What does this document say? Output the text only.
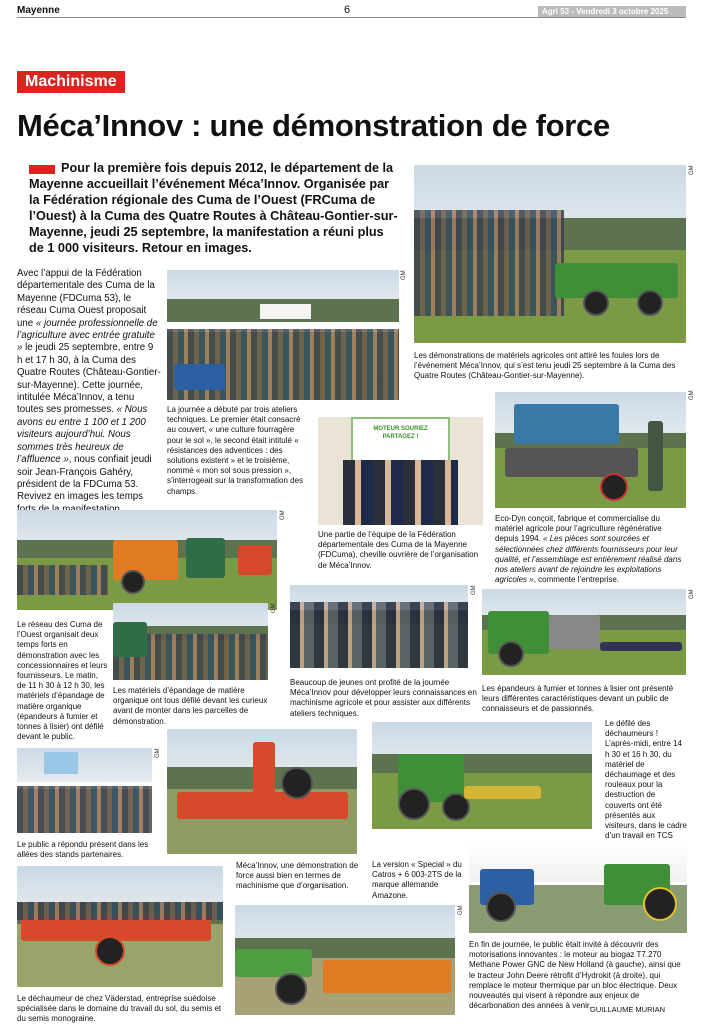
Mayenne	6	Agri 53 - Vendredi 3 octobre 2025
Machinisme
Méca’Innov : une démonstration de force
Pour la première fois depuis 2012, le département de la Mayenne accueillait l’événement Méca’Innov. Organisée par la Fédération régionale des Cuma de l’Ouest (FRCuma de l’Ouest) à la Cuma des Quatre Routes à Château-Gontier-sur-Mayenne, jeudi 25 septembre, la manifestation a réuni plus de 1 000 visiteurs. Retour en images.
Avec l’appui de la Fédération départementale des Cuma de la Mayenne (FDCuma 53), le réseau Cuma Ouest proposait une « journée professionnelle de l’agriculture avec entrée gratuite » le jeudi 25 septembre, entre 9 h et 17 h 30, à la Cuma des Quatre Routes (Château-Gontier-sur-Mayenne). Cette journée, intitulée Méca’Innov, a tenu toutes ses promesses. « Nous avons eu entre 1 100 et 1 200 visiteurs aujourd’hui. Nous sommes très heureux de l’affluence », nous confiait jeudi soir Jean-François Gahéry, président de la FDCuma 53. Revivez en images les temps
GM
Les démonstrations de matériels agricoles ont attiré les foules lors de l’événement Méca’Innov, qui s’est tenu jeudi 25 septembre à la Cuma des Quatre Routes (Château-Gontier-sur-Mayenne).
GM
La journée a débuté par trois ateliers techniques. Le premier était consacré au couvert, « une culture fourragère pour le sol », le second était intitulé « résistances des adventices : des solutions existent » et le troisième, nommé « mon sol sous pression », s’interrogeait sur la transformation des champs.
MOTEUR SOURIEZ
PARTAGEZ !
Une partie de l’équipe de la Fédération départementale des Cuma de la Mayenne (FDCuma), cheville ouvrière de l’organisation de Méca’Innov.
GM
Eco-Dyn conçoit, fabrique et commercialise du matériel agricole pour l’agriculture régénérative depuis 1994. « Les pièces sont sourcées et sélectionnées chez différents fournisseurs pour leur qualité, et l’assemblage est entièrement réalisé dans nos ateliers avant de rejoindre les exploitations agricoles », commente l’entreprise.
GM
Le réseau des Cuma de l’Ouest organisait deux temps forts en démonstration avec les concessionnaires et leurs fournisseurs. Le matin, de 11 h 30 à 12 h 30, les matériels d’épandage de matière organique (épandeurs à fumier et tonnes à lisier) ont défilé devant le public.
GM
Les matériels d’épandage de matière organique ont tous défilé devant les curieux avant de monter dans les parcelles de démonstration.
GM
Beaucoup de jeunes ont profité de la journée Méca’Innov pour développer leurs connaissances en machinisme agricole et pour assister aux différents ateliers techniques.
GM
Les épandeurs à fumier et tonnes à lisier ont présenté leurs différentes caractéristiques devant un public de connaisseurs et de passionnés.
GM
Le public a répondu présent dans les allées des stands partenaires.
Méca’Innov, une démonstration de force aussi bien en termes de machinisme que d’organisation.
La version « Special » du Catros + 6 003-2TS de la marque allemande Amazone.
Le défilé des déchaumeurs ! L’après-midi, entre 14 h 30 et 16 h 30, du matériel de déchaumage et des rouleaux pour la destruction de couverts ont été présentés aux visiteurs, dans le cadre d’un travail en TCS
En fin de journée, le public était invité à découvrir des motorisations innovantes : le moteur au biogaz T7.270 Methane Power GNC de New Holland (à gauche), ainsi que le tracteur John Deere rétrofit d’Hydrokit (à droite), qui remplace le moteur thermique par un bloc électrique. Deux nouveautés qui visent à répondre aux enjeux de décarbonation des années à venir.
Le déchaumeur de chez Väderstad, entreprise suédoise spécialisée dans le domaine du travail du sol, du semis et du semis monograine.
GM
GUILLAUME MURIAN
